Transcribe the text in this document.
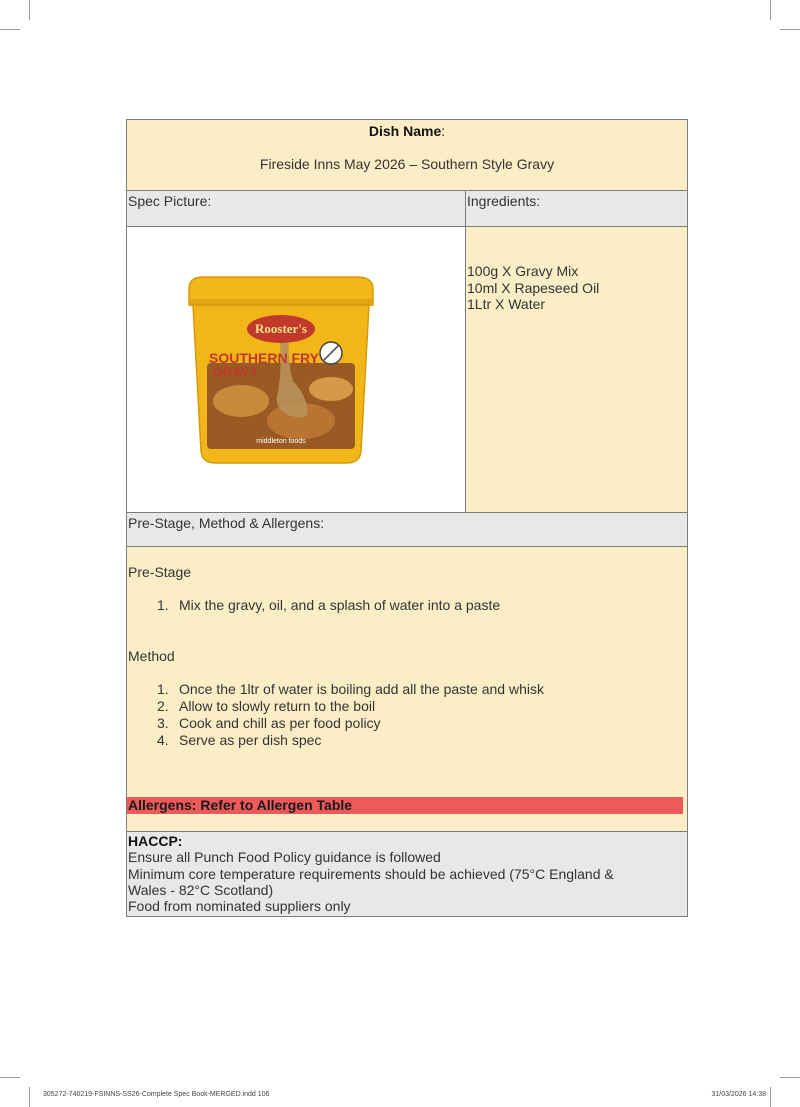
Dish Name:
Fireside Inns May 2026 – Southern Style Gravy
Spec Picture:	Ingredients:
Rooster's
SOUTHERN FRY
GRAVY
middleton foods
100g X Gravy Mix
10ml X Rapeseed Oil
1Ltr X Water
Pre-Stage, Method & Allergens:
Pre-Stage
1. Mix the gravy, oil, and a splash of water into a paste
Method
1. Once the 1ltr of water is boiling add all the paste and whisk
2. Allow to slowly return to the boil
3. Cook and chill as per food policy
4. Serve as per dish spec
Allergens: Refer to Allergen Table
HACCP:
Ensure all Punch Food Policy guidance is followed
Minimum core temperature requirements should be achieved (75°C England &
Wales - 82°C Scotland)
Food from nominated suppliers only
305272-740219-FSINNS-SS26-Complete Spec Book-MERGED.indd 106	31/03/2026 14:38
